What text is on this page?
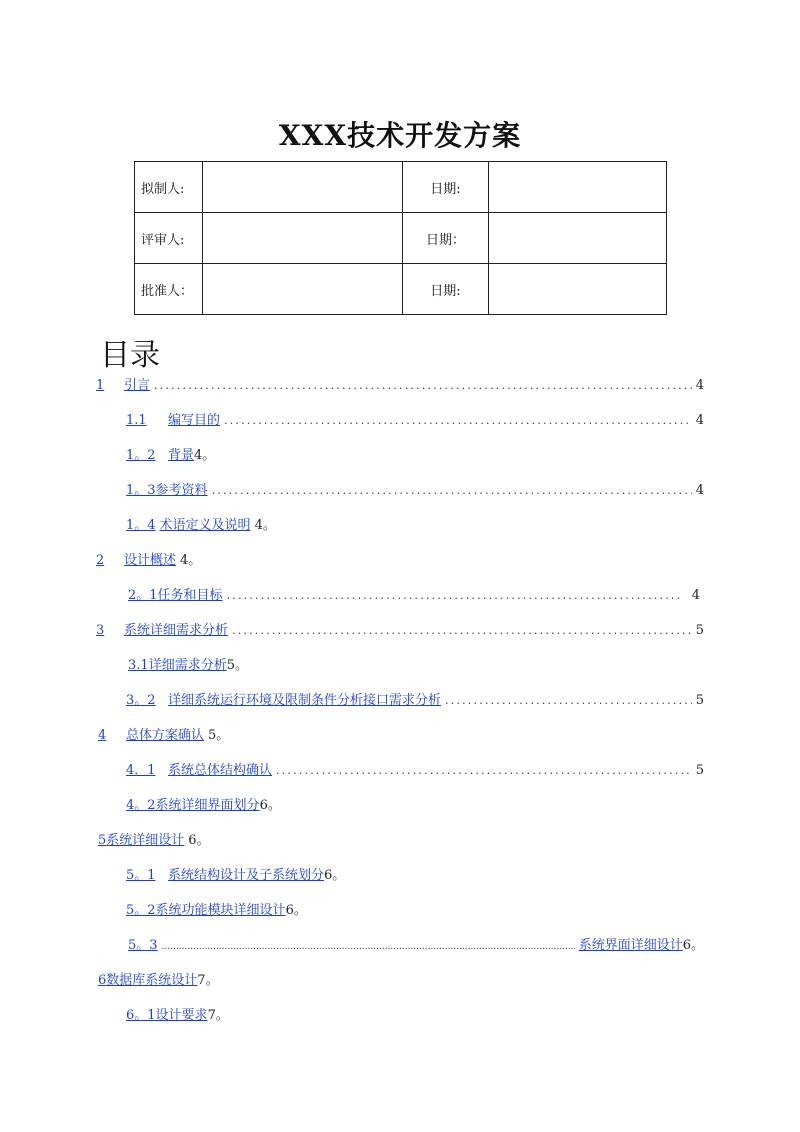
XXX技术开发方案
拟制人:		日期:	
评审人:		日期：	
批准人：		日期:	
目录
1	引言 .....	4
1.1	编写目的 .....	4
1。2 背景 4。
1。3 参考资料 .....	4
1。4 术语定义及说明 4。
2	设计概述 4。
2。1 任务和目标 .....	4
3	系统详细需求分析 .....	5
3.1 详细需求分析 5。
3。2 详细系统运行环境及限制条件分析接口需求分析 .....	5
4	总体方案确认 5。
4．1 系统总体结构确认 .....	5
4。2 系统详细界面划分 6。
5 系统详细设计 6。
5。1 系统结构设计及子系统划分 6。
5。2 系统功能模块详细设计 6。
5。3 .....	系统界面详细设计 6。
6 数据库系统设计 7。
6。1 设计要求 7。
